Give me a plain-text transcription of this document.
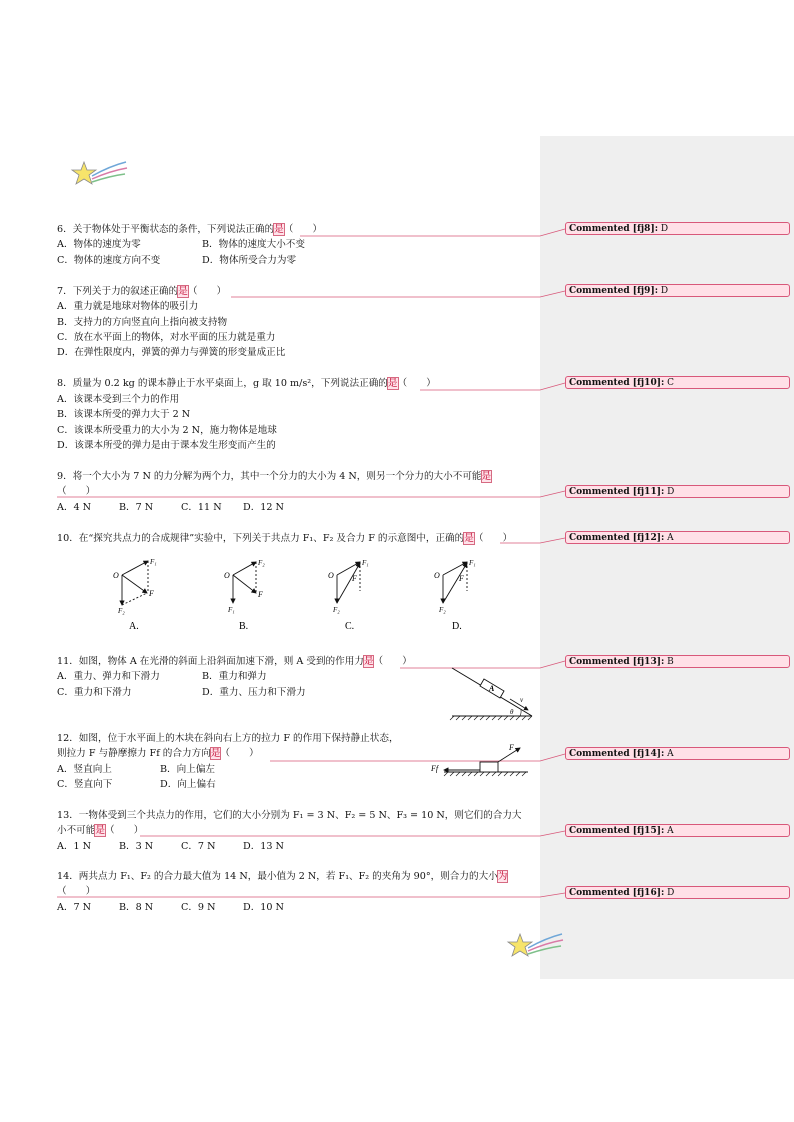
6．关于物体处于平衡状态的条件，下列说法正确的是（　　）
A．物体的速度为零	B．物体的速度大小不变
C．物体的速度方向不变	D．物体所受合力为零
7．下列关于力的叙述正确的是（　　）
A．重力就是地球对物体的吸引力
B．支持力的方向竖直向上指向被支持物
C．放在水平面上的物体，对水平面的压力就是重力
D．在弹性限度内，弹簧的弹力与弹簧的形变量成正比
8．质量为 0.2 kg 的课本静止于水平桌面上，g 取 10 m/s²，下列说法正确的是（　　）
A．该课本受到三个力的作用
B．该课本所受的弹力大于 2 N
C．该课本所受重力的大小为 2 N，施力物体是地球
D．该课本所受的弹力是由于课本发生形变而产生的
9．将一个大小为 7 N 的力分解为两个力，其中一个分力的大小为 4 N，则另一个分力的大小不可能是
（　　）
A．4 N	B．7 N	C．11 N D．12 N
10．在“探究共点力的合成规律”实验中，下列关于共点力 F₁、F₂ 及合力 F 的示意图中，正确的是（　　）
O
F₁
F
F₂
A.
O
F₂
F
F₁
B.
O
F₁
F
F₂
C.
O
F₁
F
F₂
D.
11．如图，物体 A 在光滑的斜面上沿斜面加速下滑，则 A 受到的作用力是（　　）
A．重力、弹力和下滑力	B．重力和弹力
C．重力和下滑力	D．重力、压力和下滑力	A
v
θ
12．如图，位于水平面上的木块在斜向右上方的拉力 F 的作用下保持静止状态，
则拉力 F 与静摩擦力 Ff 的合力方向是（　　）
A．竖直向上	B．向上偏左
C．竖直向下	D．向上偏右
F
Ff
13．一物体受到三个共点力的作用，它们的大小分别为 F₁ = 3 N、F₂ = 5 N、F₃ = 10 N，则它们的合力大
小不可能是（　　）
A．1 N	B．3 N	C．7 N	D．13 N
14．两共点力 F₁、F₂ 的合力最大值为 14 N，最小值为 2 N，若 F₁、F₂ 的夹角为 90°，则合力的大小为
（　　）
A．7 N	B．8 N	C．9 N	D．10 N
Commented [fj8]: D
Commented [fj9]: D
Commented [fj10]: C
Commented [fj11]: D
Commented [fj12]: A
Commented [fj13]: B
Commented [fj14]: A
Commented [fj15]: A
Commented [fj16]: D
